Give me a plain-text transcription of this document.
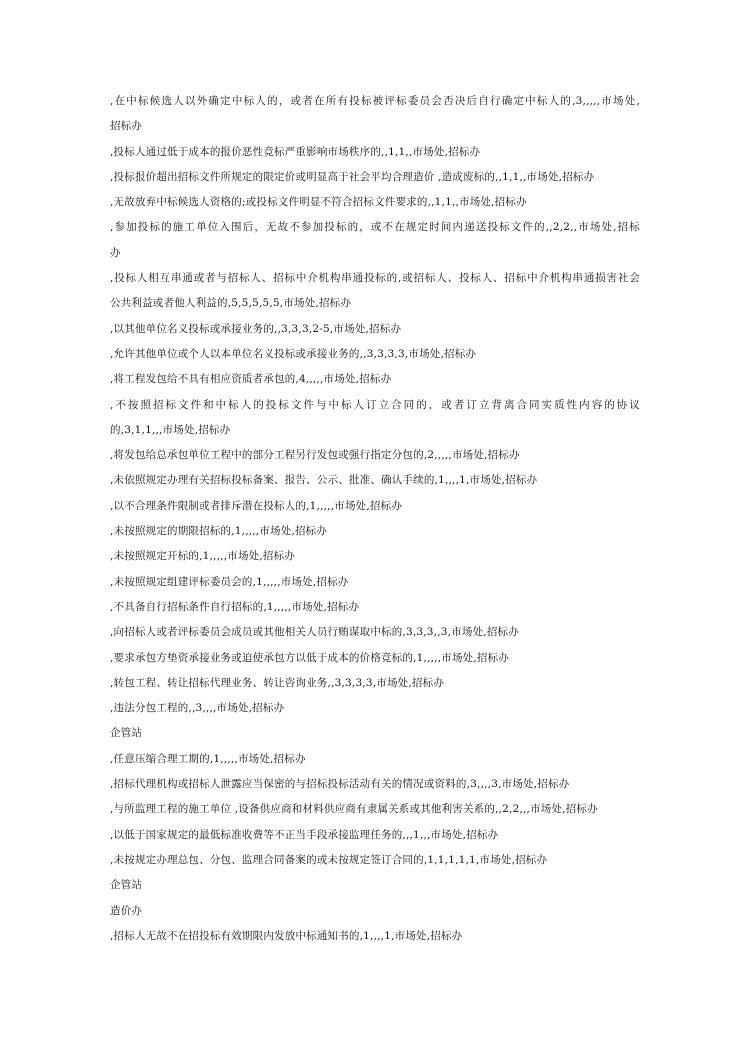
,在中标候选人以外确定中标人的，或者在所有投标被评标委员会否决后自行确定中标人的,3,,,,,市场处,
招标办
,投标人通过低于成本的报价恶性竞标严重影响市场秩序的,,1,1,,市场处,招标办
,投标报价超出招标文件所规定的限定价或明显高于社会平均合理造价 ,造成废标的,,1,1,,市场处,招标办
,无故放弃中标候选人资格的;或投标文件明显不符合招标文件要求的,,1,1,,市场处,招标办
,参加投标的施工单位入围后，无故不参加投标的，或不在规定时间内递送投标文件的,,2,2,,市场处,招标
办
,投标人相互串通或者与招标人、招标中介机构串通投标的,或招标人、投标人、招标中介机构串通损害社会
公共利益或者他人利益的,5,5,5,5,5,市场处,招标办
,以其他单位名义投标或承接业务的,,3,3,3,2-5,市场处,招标办
,允许其他单位或个人以本单位名义投标或承接业务的,,3,3,3,3,市场处,招标办
,将工程发包给不具有相应资质者承包的,4,,,,,市场处,招标办
,不按照招标文件和中标人的投标文件与中标人订立合同的，或者订立背离合同实质性内容的协议
的,3,1,1,,,市场处,招标办
,将发包给总承包单位工程中的部分工程另行发包或强行指定分包的,2,,,,,市场处,招标办
,未依照规定办理有关招标投标备案、报告、公示、批准、确认手续的,1,,,,1,市场处,招标办
,以不合理条件限制或者排斥潜在投标人的,1,,,,,市场处,招标办
,未按照规定的期限招标的,1,,,,,市场处,招标办
,未按照规定开标的,1,,,,,市场处,招标办
,未按照规定组建评标委员会的,1,,,,,市场处,招标办
,不具备自行招标条件自行招标的,1,,,,,市场处,招标办
,向招标人或者评标委员会成员或其他相关人员行贿谋取中标的,3,3,3,,3,市场处,招标办
,要求承包方垫资承接业务或迫使承包方以低于成本的价格竞标的,1,,,,,市场处,招标办
,转包工程、转让招标代理业务、转让咨询业务,,3,3,3,3,市场处,招标办
,违法分包工程的,,3,,,,市场处,招标办
企管站
,任意压缩合理工期的,1,,,,,市场处,招标办
,招标代理机构或招标人泄露应当保密的与招标投标活动有关的情况或资料的,3,,,,3,市场处,招标办
,与所监理工程的施工单位 ,设备供应商和材料供应商有隶属关系或其他利害关系的,,2,2,,,市场处,招标办
,以低于国家规定的最低标准收费等不正当手段承接监理任务的,,,1,,,市场处,招标办
,未按规定办理总包、分包、监理合同备案的或未按规定签订合同的,1,1,1,1,1,市场处,招标办
企管站
造价办
,招标人无故不在招投标有效期限内发放中标通知书的,1,,,,1,市场处,招标办
